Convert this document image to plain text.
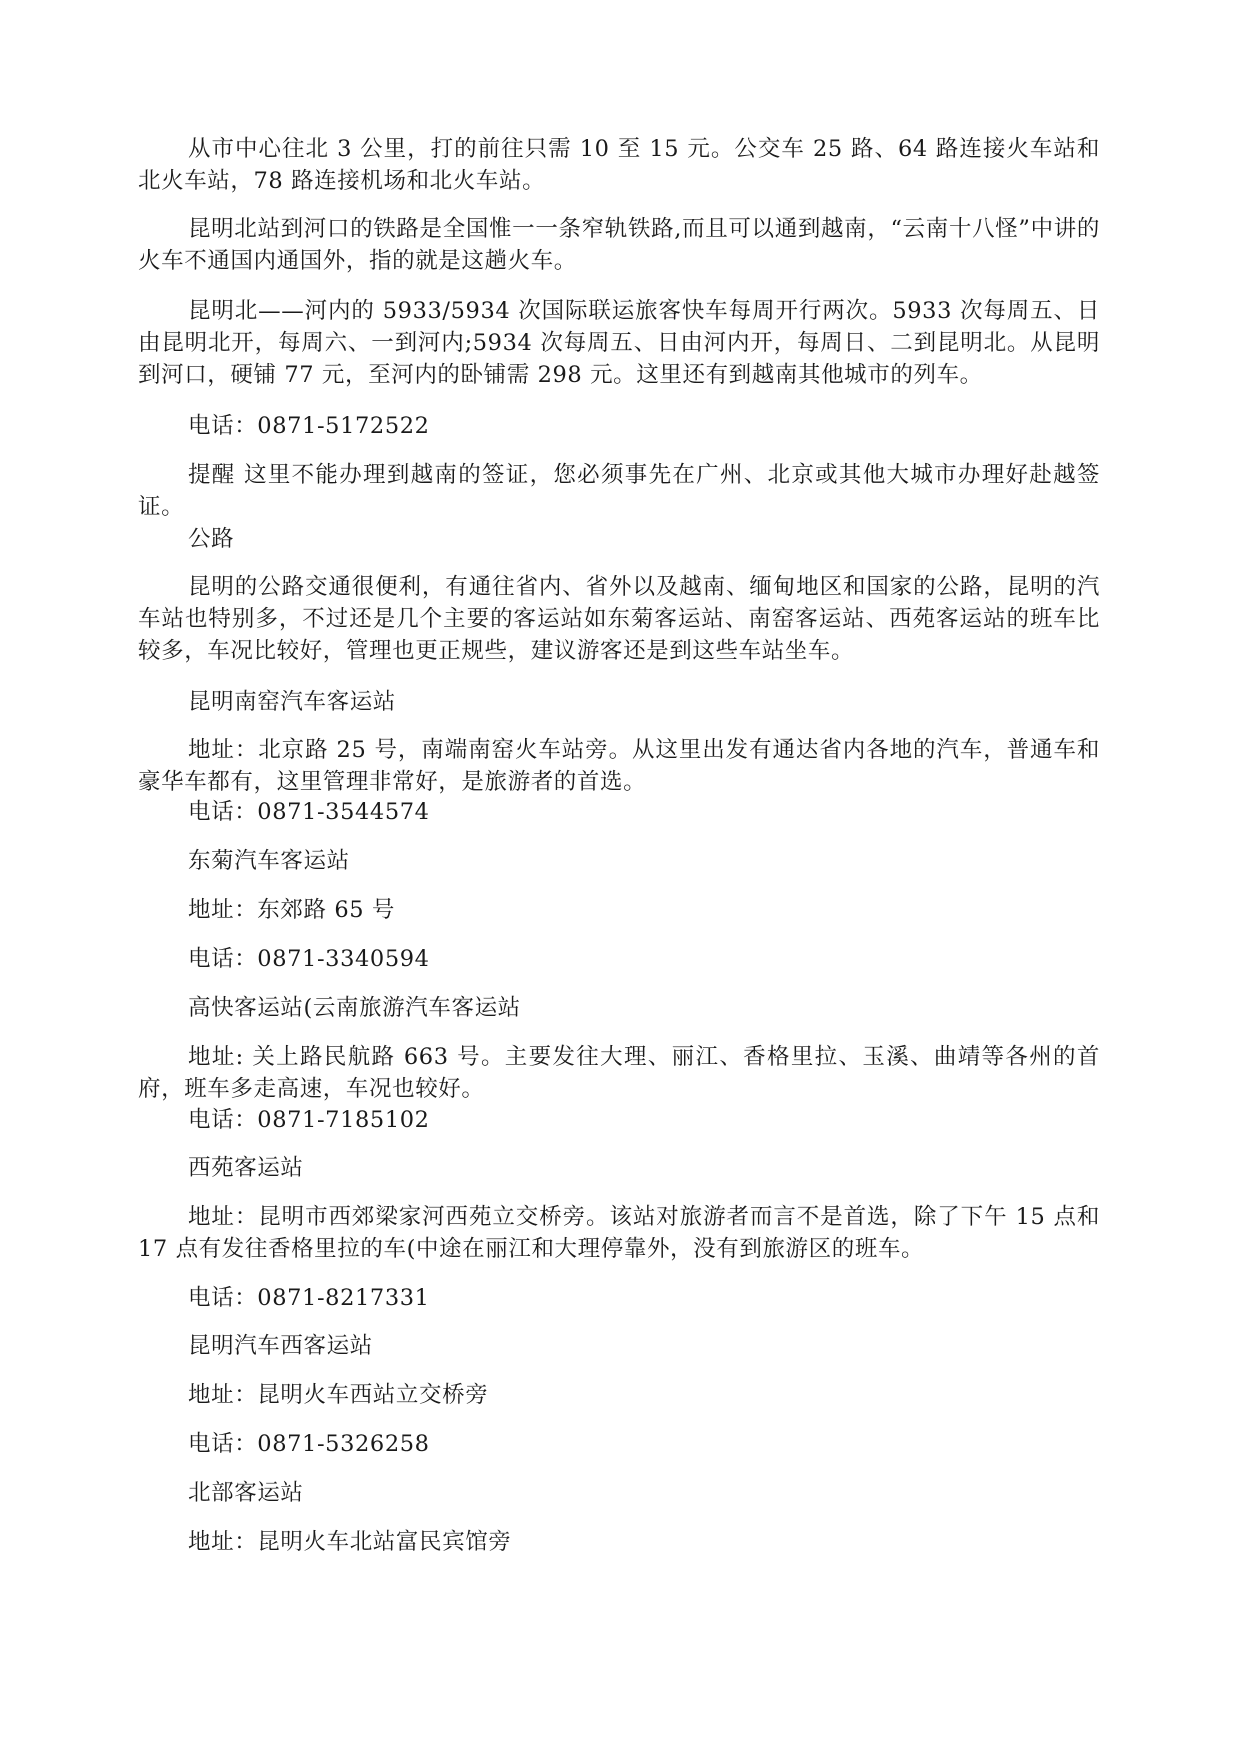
从市中心往北 3 公里，打的前往只需 10 至 15 元。公交车 25 路、64 路连接火车站和北火车站，78 路连接机场和北火车站。

昆明北站到河口的铁路是全国惟一一条窄轨铁路,而且可以通到越南，“云南十八怪”中讲的火车不通国内通国外，指的就是这趟火车。

昆明北——河内的 5933/5934 次国际联运旅客快车每周开行两次。5933 次每周五、日由昆明北开，每周六、一到河内;5934 次每周五、日由河内开，每周日、二到昆明北。从昆明到河口，硬铺 77 元，至河内的卧铺需 298 元。这里还有到越南其他城市的列车。

电话：0871-5172522

提醒 这里不能办理到越南的签证，您必须事先在广州、北京或其他大城市办理好赴越签证。

公路

昆明的公路交通很便利，有通往省内、省外以及越南、缅甸地区和国家的公路，昆明的汽车站也特别多，不过还是几个主要的客运站如东菊客运站、南窑客运站、西苑客运站的班车比较多，车况比较好，管理也更正规些，建议游客还是到这些车站坐车。

昆明南窑汽车客运站

地址：北京路 25 号，南端南窑火车站旁。从这里出发有通达省内各地的汽车，普通车和豪华车都有，这里管理非常好，是旅游者的首选。

电话：0871-3544574

东菊汽车客运站

地址：东郊路 65 号

电话：0871-3340594

高快客运站(云南旅游汽车客运站

地址: 关上路民航路 663 号。主要发往大理、丽江、香格里拉、玉溪、曲靖等各州的首府，班车多走高速，车况也较好。

电话：0871-7185102

西苑客运站

地址：昆明市西郊梁家河西苑立交桥旁。该站对旅游者而言不是首选，除了下午 15 点和 17 点有发往香格里拉的车(中途在丽江和大理停靠外，没有到旅游区的班车。

电话：0871-8217331

昆明汽车西客运站

地址：昆明火车西站立交桥旁

电话：0871-5326258

北部客运站

地址：昆明火车北站富民宾馆旁
